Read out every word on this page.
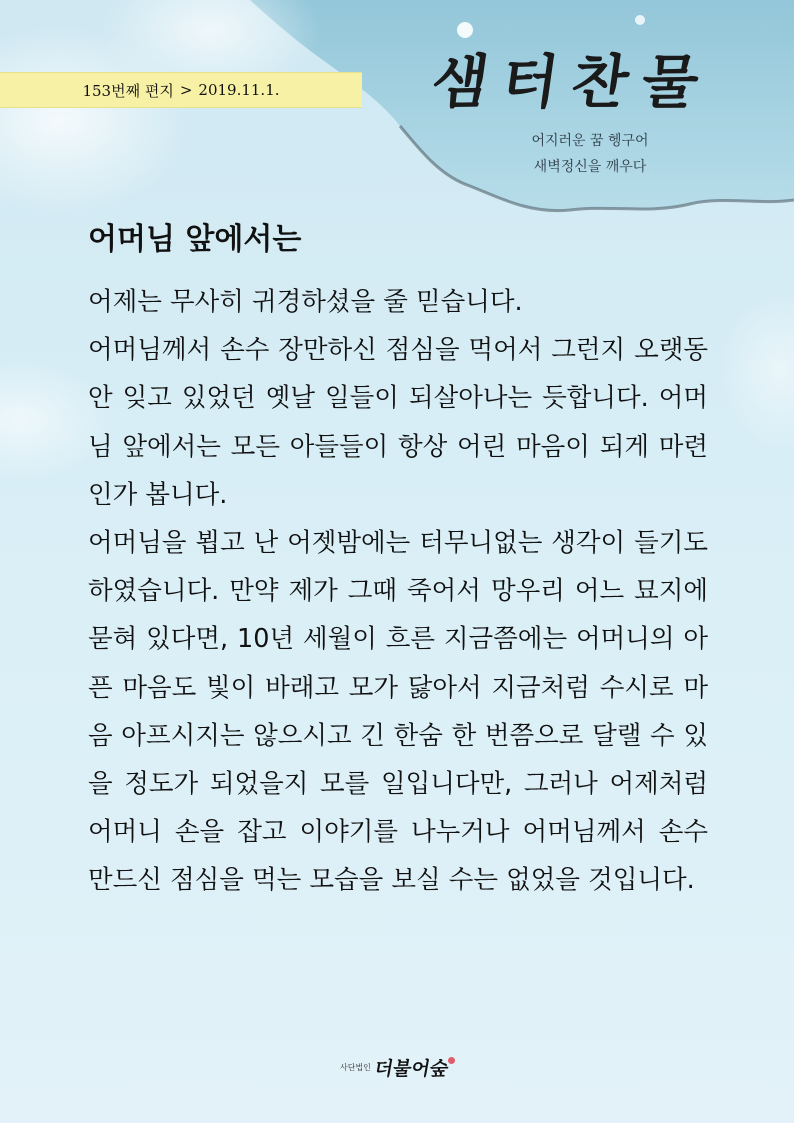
153번째 편지 > 2019.11.1.	샘터찬물
어지러운 꿈 헹구어
새벽정신을 깨우다
어머님 앞에서는

어제는 무사히 귀경하셨을 줄 믿습니다.

어머님께서 손수 장만하신 점심을 먹어서 그런지 오랫동안 잊고 있었던 옛날 일들이 되살아나는 듯합니다. 어머님 앞에서는 모든 아들들이 항상 어린 마음이 되게 마련인가 봅니다.

어머님을 뵙고 난 어젯밤에는 터무니없는 생각이 들기도 하였습니다. 만약 제가 그때 죽어서 망우리 어느 묘지에 묻혀 있다면, 10년 세월이 흐른 지금쯤에는 어머니의 아픈 마음도 빛이 바래고 모가 닳아서 지금처럼 수시로 마음 아프시지는 않으시고 긴 한숨 한 번쯤으로 달랠 수 있을 정도가 되었을지 모를 일입니다만, 그러나 어제처럼 어머니 손을 잡고 이야기를 나누거나 어머님께서 손수 만드신 점심을 먹는 모습을 보실 수는 없었을 것입니다.

사단법인 더불어숲
